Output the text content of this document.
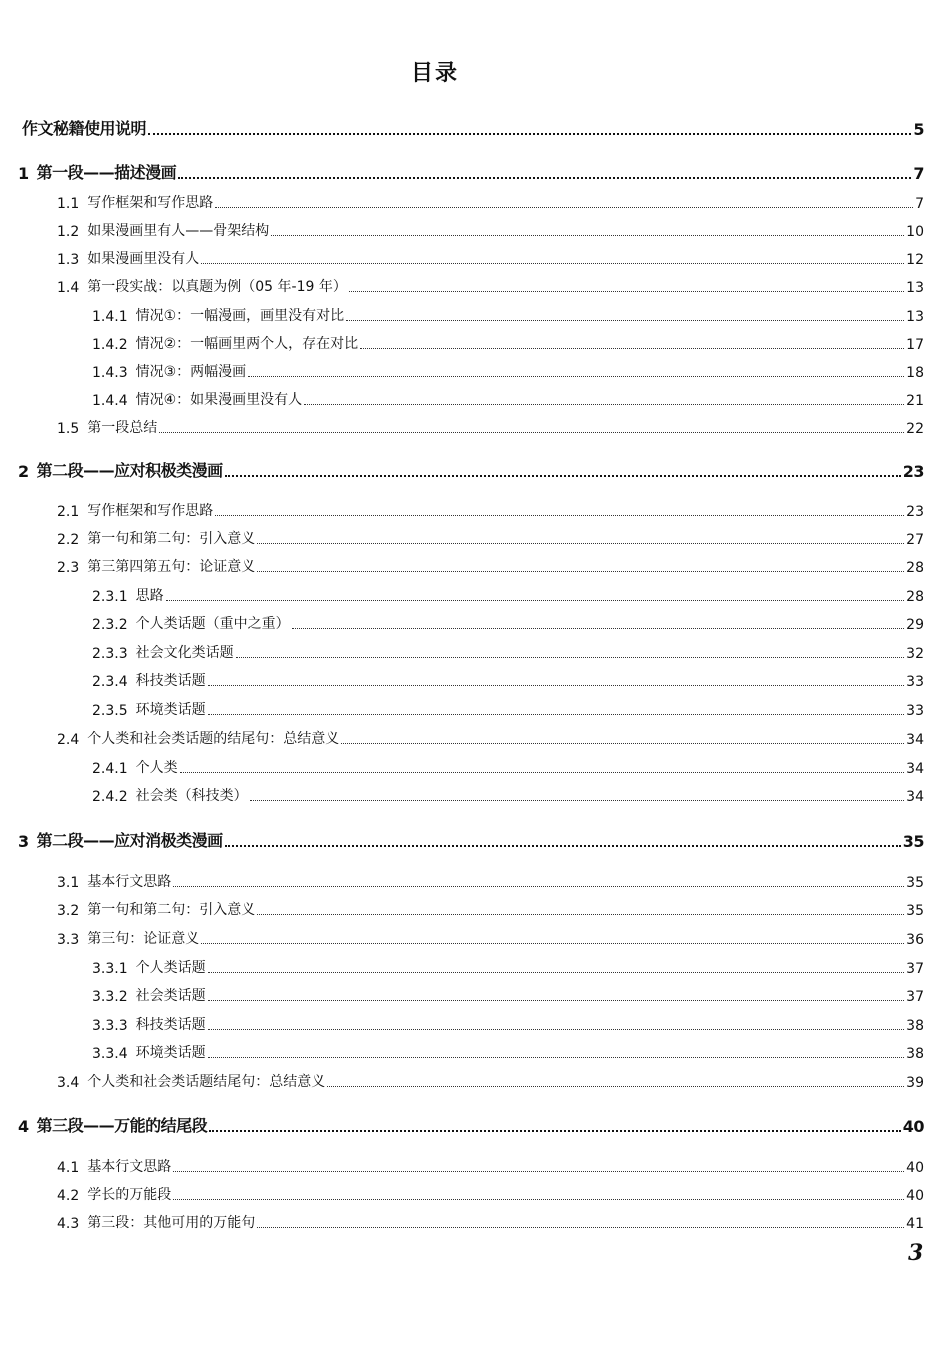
目录
作文秘籍使用说明	5
1 第一段——描述漫画	7
1.1 写作框架和写作思路	7
1.2 如果漫画里有人——骨架结构	10
1.3 如果漫画里没有人	12
1.4 第一段实战：以真题为例（05 年-19 年）	13
1.4.1 情况①：一幅漫画，画里没有对比	13
1.4.2 情况②：一幅画里两个人，存在对比	17
1.4.3 情况③：两幅漫画	18
1.4.4 情况④：如果漫画里没有人	21
1.5 第一段总结	22
2 第二段——应对积极类漫画	23
2.1 写作框架和写作思路	23
2.2 第一句和第二句：引入意义	27
2.3 第三第四第五句：论证意义	28
2.3.1 思路	28
2.3.2 个人类话题（重中之重）	29
2.3.3 社会文化类话题	32
2.3.4 科技类话题	33
2.3.5 环境类话题	33
2.4 个人类和社会类话题的结尾句：总结意义	34
2.4.1 个人类	34
2.4.2 社会类（科技类）	34
3 第二段——应对消极类漫画	35
3.1 基本行文思路	35
3.2 第一句和第二句：引入意义	35
3.3 第三句：论证意义	36
3.3.1 个人类话题	37
3.3.2 社会类话题	37
3.3.3 科技类话题	38
3.3.4 环境类话题	38
3.4 个人类和社会类话题结尾句：总结意义	39
4 第三段——万能的结尾段	40
4.1 基本行文思路	40
4.2 学长的万能段	40
4.3 第三段：其他可用的万能句	41
3
